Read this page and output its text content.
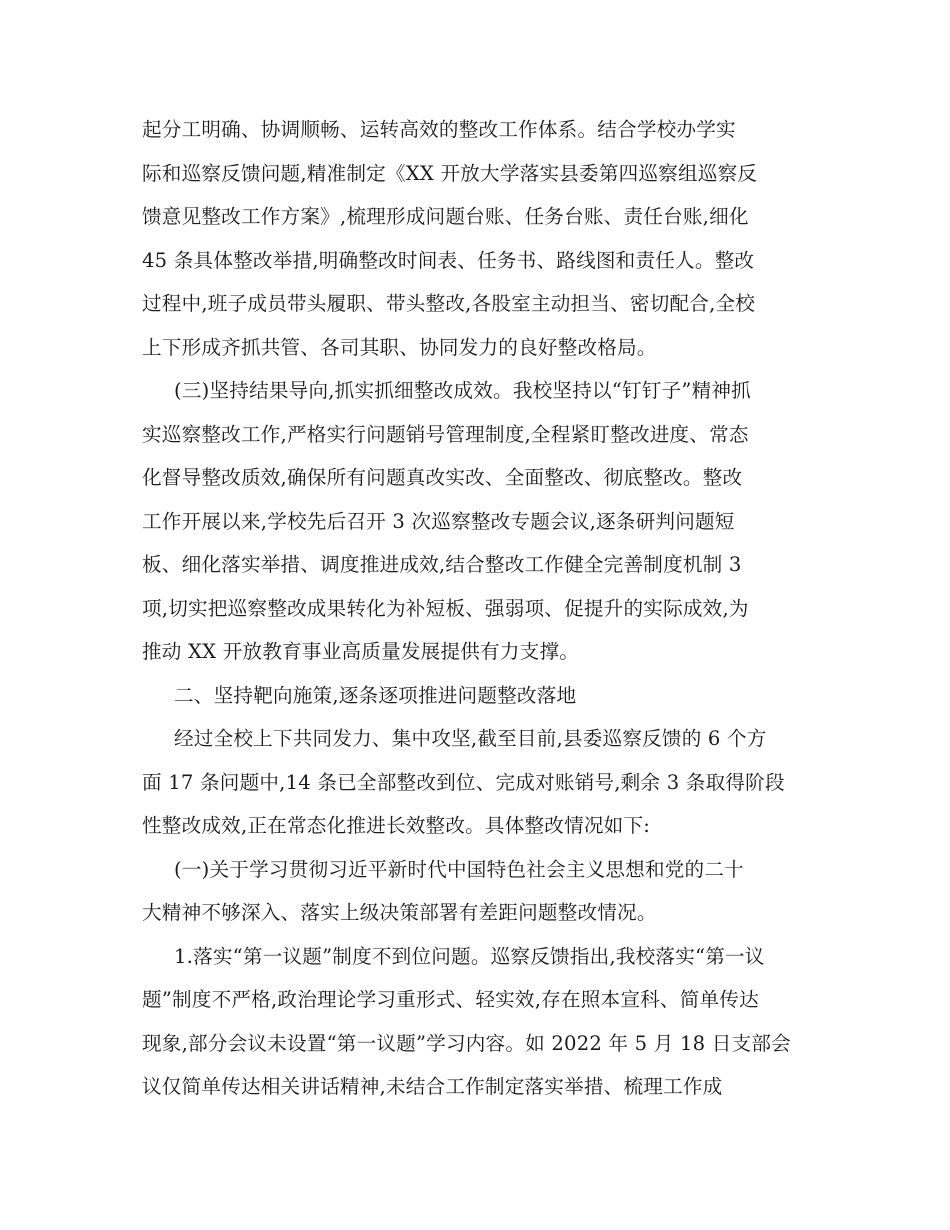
起分工明确、协调顺畅、运转高效的整改工作体系。结合学校办学实
际和巡察反馈问题,精准制定《XX 开放大学落实县委第四巡察组巡察反
馈意见整改工作方案》,梳理形成问题台账、任务台账、责任台账,细化
45 条具体整改举措,明确整改时间表、任务书、路线图和责任人。整改
过程中,班子成员带头履职、带头整改,各股室主动担当、密切配合,全校
上下形成齐抓共管、各司其职、协同发力的良好整改格局。
(三)坚持结果导向,抓实抓细整改成效。我校坚持以“钉钉子”精神抓
实巡察整改工作,严格实行问题销号管理制度,全程紧盯整改进度、常态
化督导整改质效,确保所有问题真改实改、全面整改、彻底整改。整改
工作开展以来,学校先后召开 3 次巡察整改专题会议,逐条研判问题短
板、细化落实举措、调度推进成效,结合整改工作健全完善制度机制 3
项,切实把巡察整改成果转化为补短板、强弱项、促提升的实际成效,为
推动 XX 开放教育事业高质量发展提供有力支撑。
二、坚持靶向施策,逐条逐项推进问题整改落地
经过全校上下共同发力、集中攻坚,截至目前,县委巡察反馈的 6 个方
面 17 条问题中,14 条已全部整改到位、完成对账销号,剩余 3 条取得阶段
性整改成效,正在常态化推进长效整改。具体整改情况如下:
(一)关于学习贯彻习近平新时代中国特色社会主义思想和党的二十
大精神不够深入、落实上级决策部署有差距问题整改情况。
1.落实“第一议题”制度不到位问题。巡察反馈指出,我校落实“第一议
题”制度不严格,政治理论学习重形式、轻实效,存在照本宣科、简单传达
现象,部分会议未设置“第一议题”学习内容。如 2022 年 5 月 18 日支部会
议仅简单传达相关讲话精神,未结合工作制定落实举措、梳理工作成
